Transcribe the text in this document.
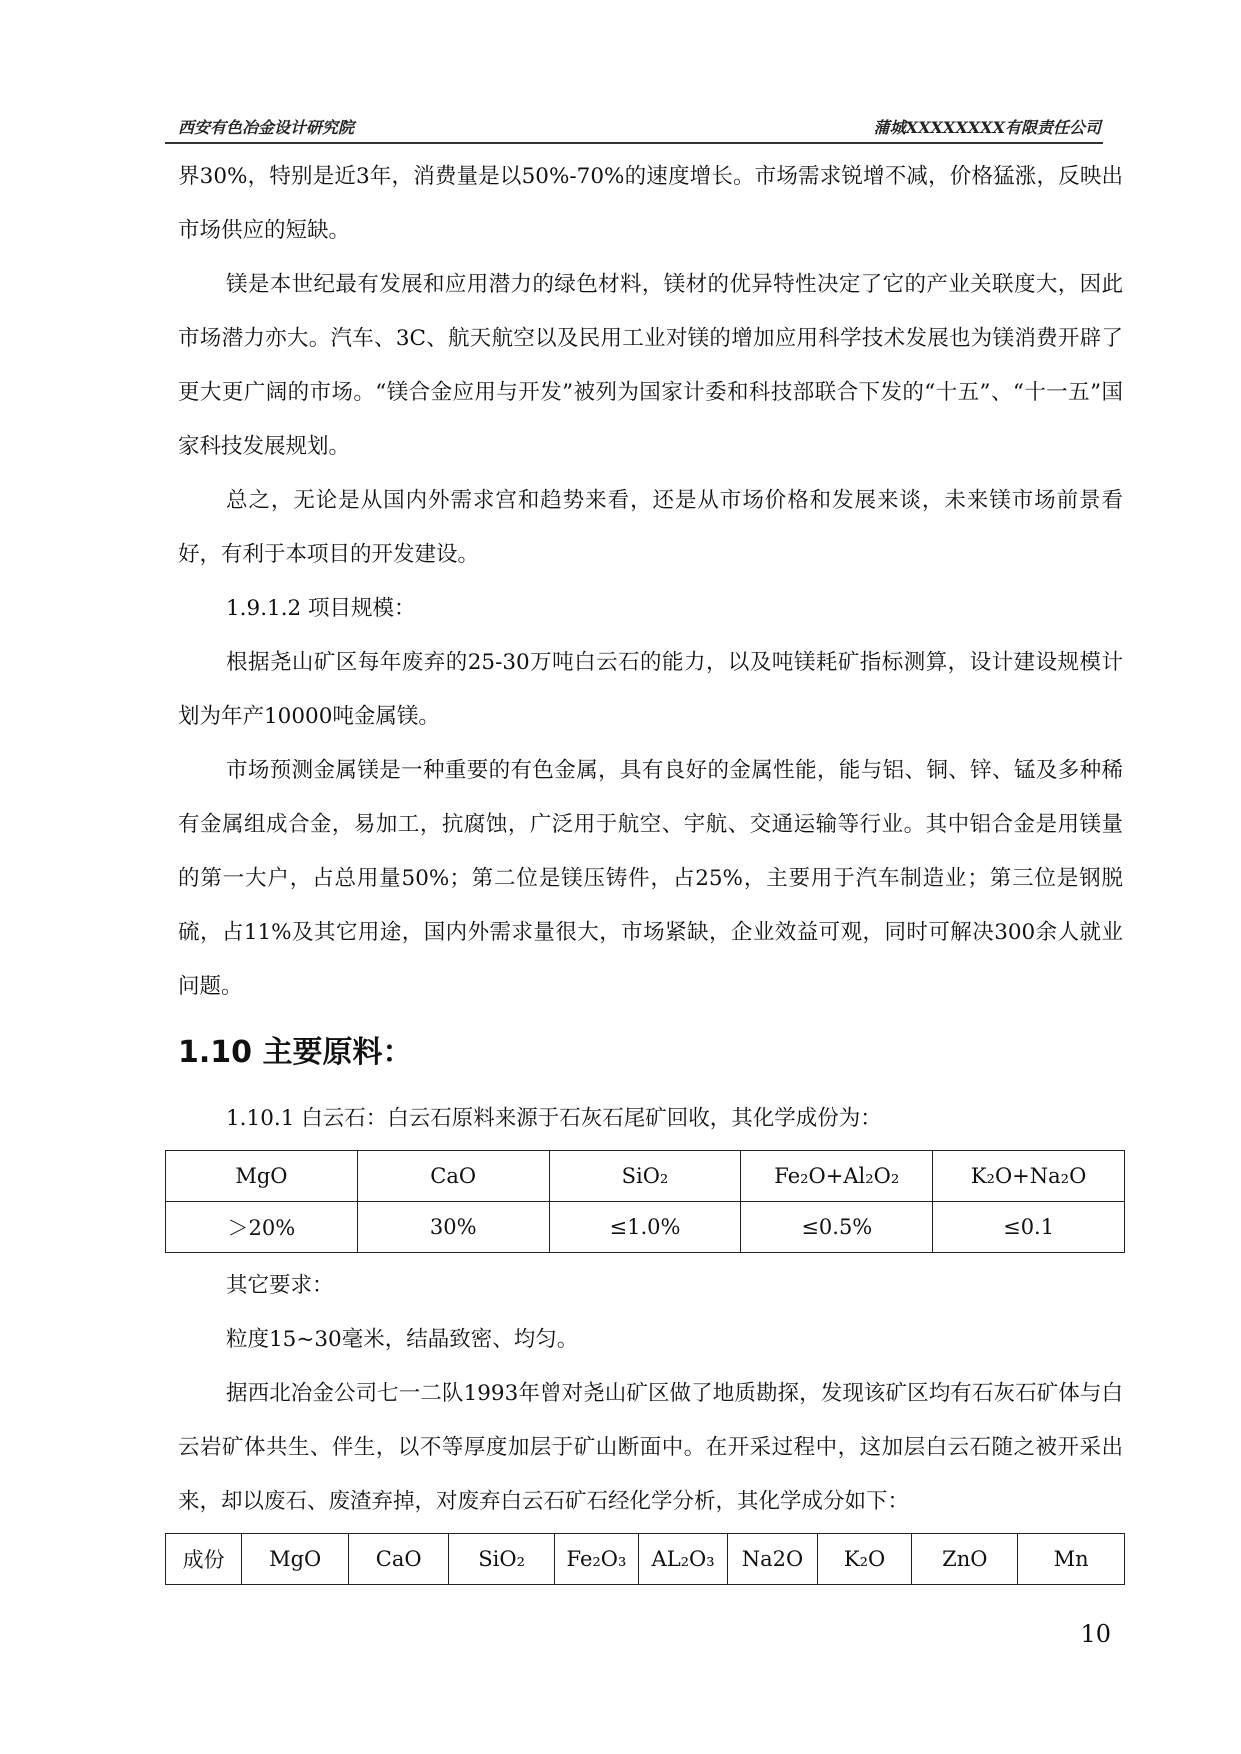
西安有色冶金设计研究院	蒲城XXXXXXXX有限责任公司

界30%，特别是近3年，消费量是以50%-70%的速度增长。市场需求锐增不减，价格猛涨，反映出市场供应的短缺。

镁是本世纪最有发展和应用潜力的绿色材料，镁材的优异特性决定了它的产业关联度大，因此市场潜力亦大。汽车、3C、航天航空以及民用工业对镁的增加应用科学技术发展也为镁消费开辟了更大更广阔的市场。“镁合金应用与开发”被列为国家计委和科技部联合下发的“十五”、“十一五”国家科技发展规划。

总之，无论是从国内外需求宫和趋势来看，还是从市场价格和发展来谈，未来镁市场前景看好，有利于本项目的开发建设。

1.9.1.2 项目规模：

根据尧山矿区每年废弃的25-30万吨白云石的能力，以及吨镁耗矿指标测算，设计建设规模计划为年产10000吨金属镁。

市场预测金属镁是一种重要的有色金属，具有良好的金属性能，能与铝、铜、锌、锰及多种稀有金属组成合金，易加工，抗腐蚀，广泛用于航空、宇航、交通运输等行业。其中铝合金是用镁量的第一大户，占总用量50%；第二位是镁压铸件，占25%，主要用于汽车制造业；第三位是钢脱硫，占11%及其它用途，国内外需求量很大，市场紧缺，企业效益可观，同时可解决300余人就业问题。

1.10 主要原料：

1.10.1 白云石：白云石原料来源于石灰石尾矿回收，其化学成份为：

MgO	CaO	SiO₂	Fe₂O+Al₂O₂	K₂O+Na₂O
＞20%	30%	≤1.0%	≤0.5%	≤0.1

其它要求：

粒度15~30毫米，结晶致密、均匀。

据西北冶金公司七一二队1993年曾对尧山矿区做了地质勘探，发现该矿区均有石灰石矿体与白云岩矿体共生、伴生，以不等厚度加层于矿山断面中。在开采过程中，这加层白云石随之被开采出来，却以废石、废渣弃掉，对废弃白云石矿石经化学分析，其化学成分如下：

成份	MgO	CaO	SiO₂	Fe₂O₃	AL₂O₃	Na2O	K₂O	ZnO	Mn
10
